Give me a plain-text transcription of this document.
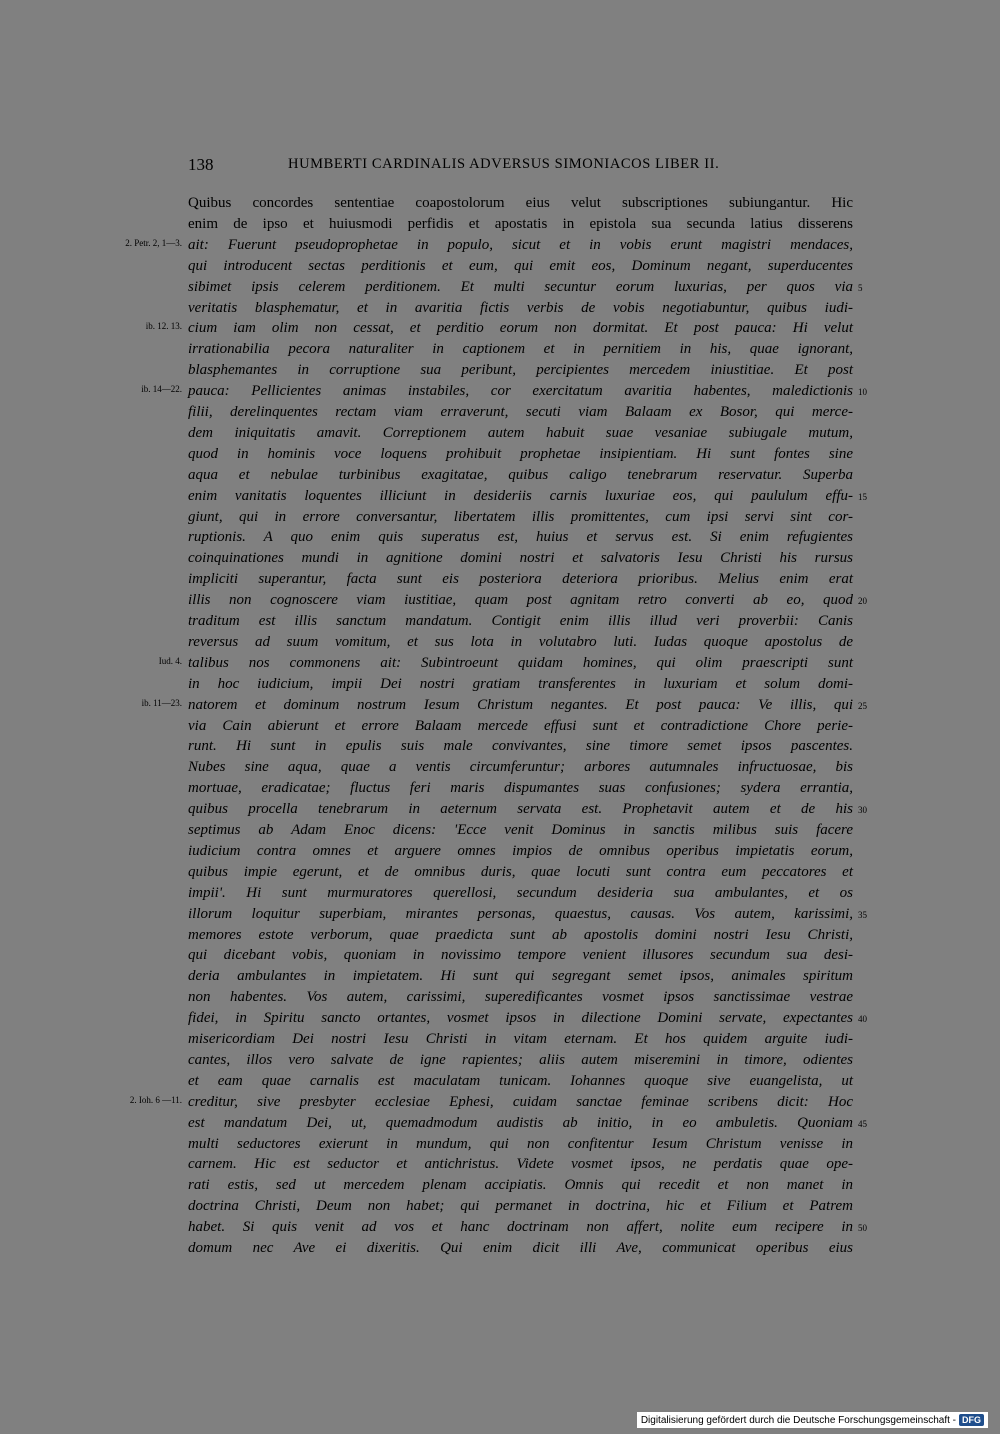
138	HUMBERTI CARDINALIS ADVERSUS SIMONIACOS LIBER II.
Quibus concordes sententiae coapostolorum eius velut subscriptiones subiungantur. Hic
enim de ipso et huiusmodi perfidis et apostatis in epistola sua secunda latius disserens
ait: Fuerunt pseudoprophetae in populo, sicut et in vobis erunt magistri mendaces,
qui introducent sectas perditionis et eum, qui emit eos, Dominum negant, superducentes
sibimet ipsis celerem perditionem. Et multi secuntur eorum luxurias, per quos via
veritatis blasphematur, et in avaritia fictis verbis de vobis negotiabuntur, quibus iudi-
cium iam olim non cessat, et perditio eorum non dormitat. Et post pauca: Hi velut
irrationabilia pecora naturaliter in captionem et in pernitiem in his, quae ignorant,
blasphemantes in corruptione sua peribunt, percipientes mercedem iniustitiae. Et post
pauca: Pellicientes animas instabiles, cor exercitatum avaritia habentes, maledictionis
filii, derelinquentes rectam viam erraverunt, secuti viam Balaam ex Bosor, qui merce-
dem iniquitatis amavit. Correptionem autem habuit suae vesaniae subiugale mutum,
quod in hominis voce loquens prohibuit prophetae insipientiam. Hi sunt fontes sine
aqua et nebulae turbinibus exagitatae, quibus caligo tenebrarum reservatur. Superba
enim vanitatis loquentes illiciunt in desideriis carnis luxuriae eos, qui paululum effu-
giunt, qui in errore conversantur, libertatem illis promittentes, cum ipsi servi sint cor-
ruptionis. A quo enim quis superatus est, huius et servus est. Si enim refugientes
coinquinationes mundi in agnitione domini nostri et salvatoris Iesu Christi his rursus
impliciti superantur, facta sunt eis posteriora deteriora prioribus. Melius enim erat
illis non cognoscere viam iustitiae, quam post agnitam retro converti ab eo, quod
traditum est illis sanctum mandatum. Contigit enim illis illud veri proverbii: Canis
reversus ad suum vomitum, et sus lota in volutabro luti. Iudas quoque apostolus de
talibus nos commonens ait: Subintroeunt quidam homines, qui olim praescripti sunt
in hoc iudicium, impii Dei nostri gratiam transferentes in luxuriam et solum domi-
natorem et dominum nostrum Iesum Christum negantes. Et post pauca: Ve illis, qui
via Cain abierunt et errore Balaam mercede effusi sunt et contradictione Chore perie-
runt. Hi sunt in epulis suis male convivantes, sine timore semet ipsos pascentes.
Nubes sine aqua, quae a ventis circumferuntur; arbores autumnales infructuosae, bis
mortuae, eradicatae; fluctus feri maris dispumantes suas confusiones; sydera errantia,
quibus procella tenebrarum in aeternum servata est. Prophetavit autem et de his
septimus ab Adam Enoc dicens: 'Ecce venit Dominus in sanctis milibus suis facere
iudicium contra omnes et arguere omnes impios de omnibus operibus impietatis eorum,
quibus impie egerunt, et de omnibus duris, quae locuti sunt contra eum peccatores et
impii'. Hi sunt murmuratores querellosi, secundum desideria sua ambulantes, et os
illorum loquitur superbiam, mirantes personas, quaestus, causas. Vos autem, karissimi,
memores estote verborum, quae praedicta sunt ab apostolis domini nostri Iesu Christi,
qui dicebant vobis, quoniam in novissimo tempore venient illusores secundum sua desi-
deria ambulantes in impietatem. Hi sunt qui segregant semet ipsos, animales spiritum
non habentes. Vos autem, carissimi, superedificantes vosmet ipsos sanctissimae vestrae
fidei, in Spiritu sancto ortantes, vosmet ipsos in dilectione Domini servate, expectantes
misericordiam Dei nostri Iesu Christi in vitam eternam. Et hos quidem arguite iudi-
cantes, illos vero salvate de igne rapientes; aliis autem miseremini in timore, odientes
et eam quae carnalis est maculatam tunicam. Iohannes quoque sive euangelista, ut
creditur, sive presbyter ecclesiae Ephesi, cuidam sanctae feminae scribens dicit: Hoc
est mandatum Dei, ut, quemadmodum audistis ab initio, in eo ambuletis. Quoniam
multi seductores exierunt in mundum, qui non confitentur Iesum Christum venisse in
carnem. Hic est seductor et antichristus. Videte vosmet ipsos, ne perdatis quae ope-
rati estis, sed ut mercedem plenam accipiatis. Omnis qui recedit et non manet in
doctrina Christi, Deum non habet; qui permanet in doctrina, hic et Filium et Patrem
habet. Si quis venit ad vos et hanc doctrinam non affert, nolite eum recipere in
domum nec Ave ei dixeritis. Qui enim dicit illi Ave, communicat operibus eius
2. Petr. 2, 1—3.
ib. 12. 13.
ib. 14—22.
Iud. 4.
ib. 11—23.
2. Ioh. 6 —11.
5
10
15
20
25
30
35
40
45
50
Digitalisierung gefördert durch die Deutsche Forschungsgemeinschaft - DFG
